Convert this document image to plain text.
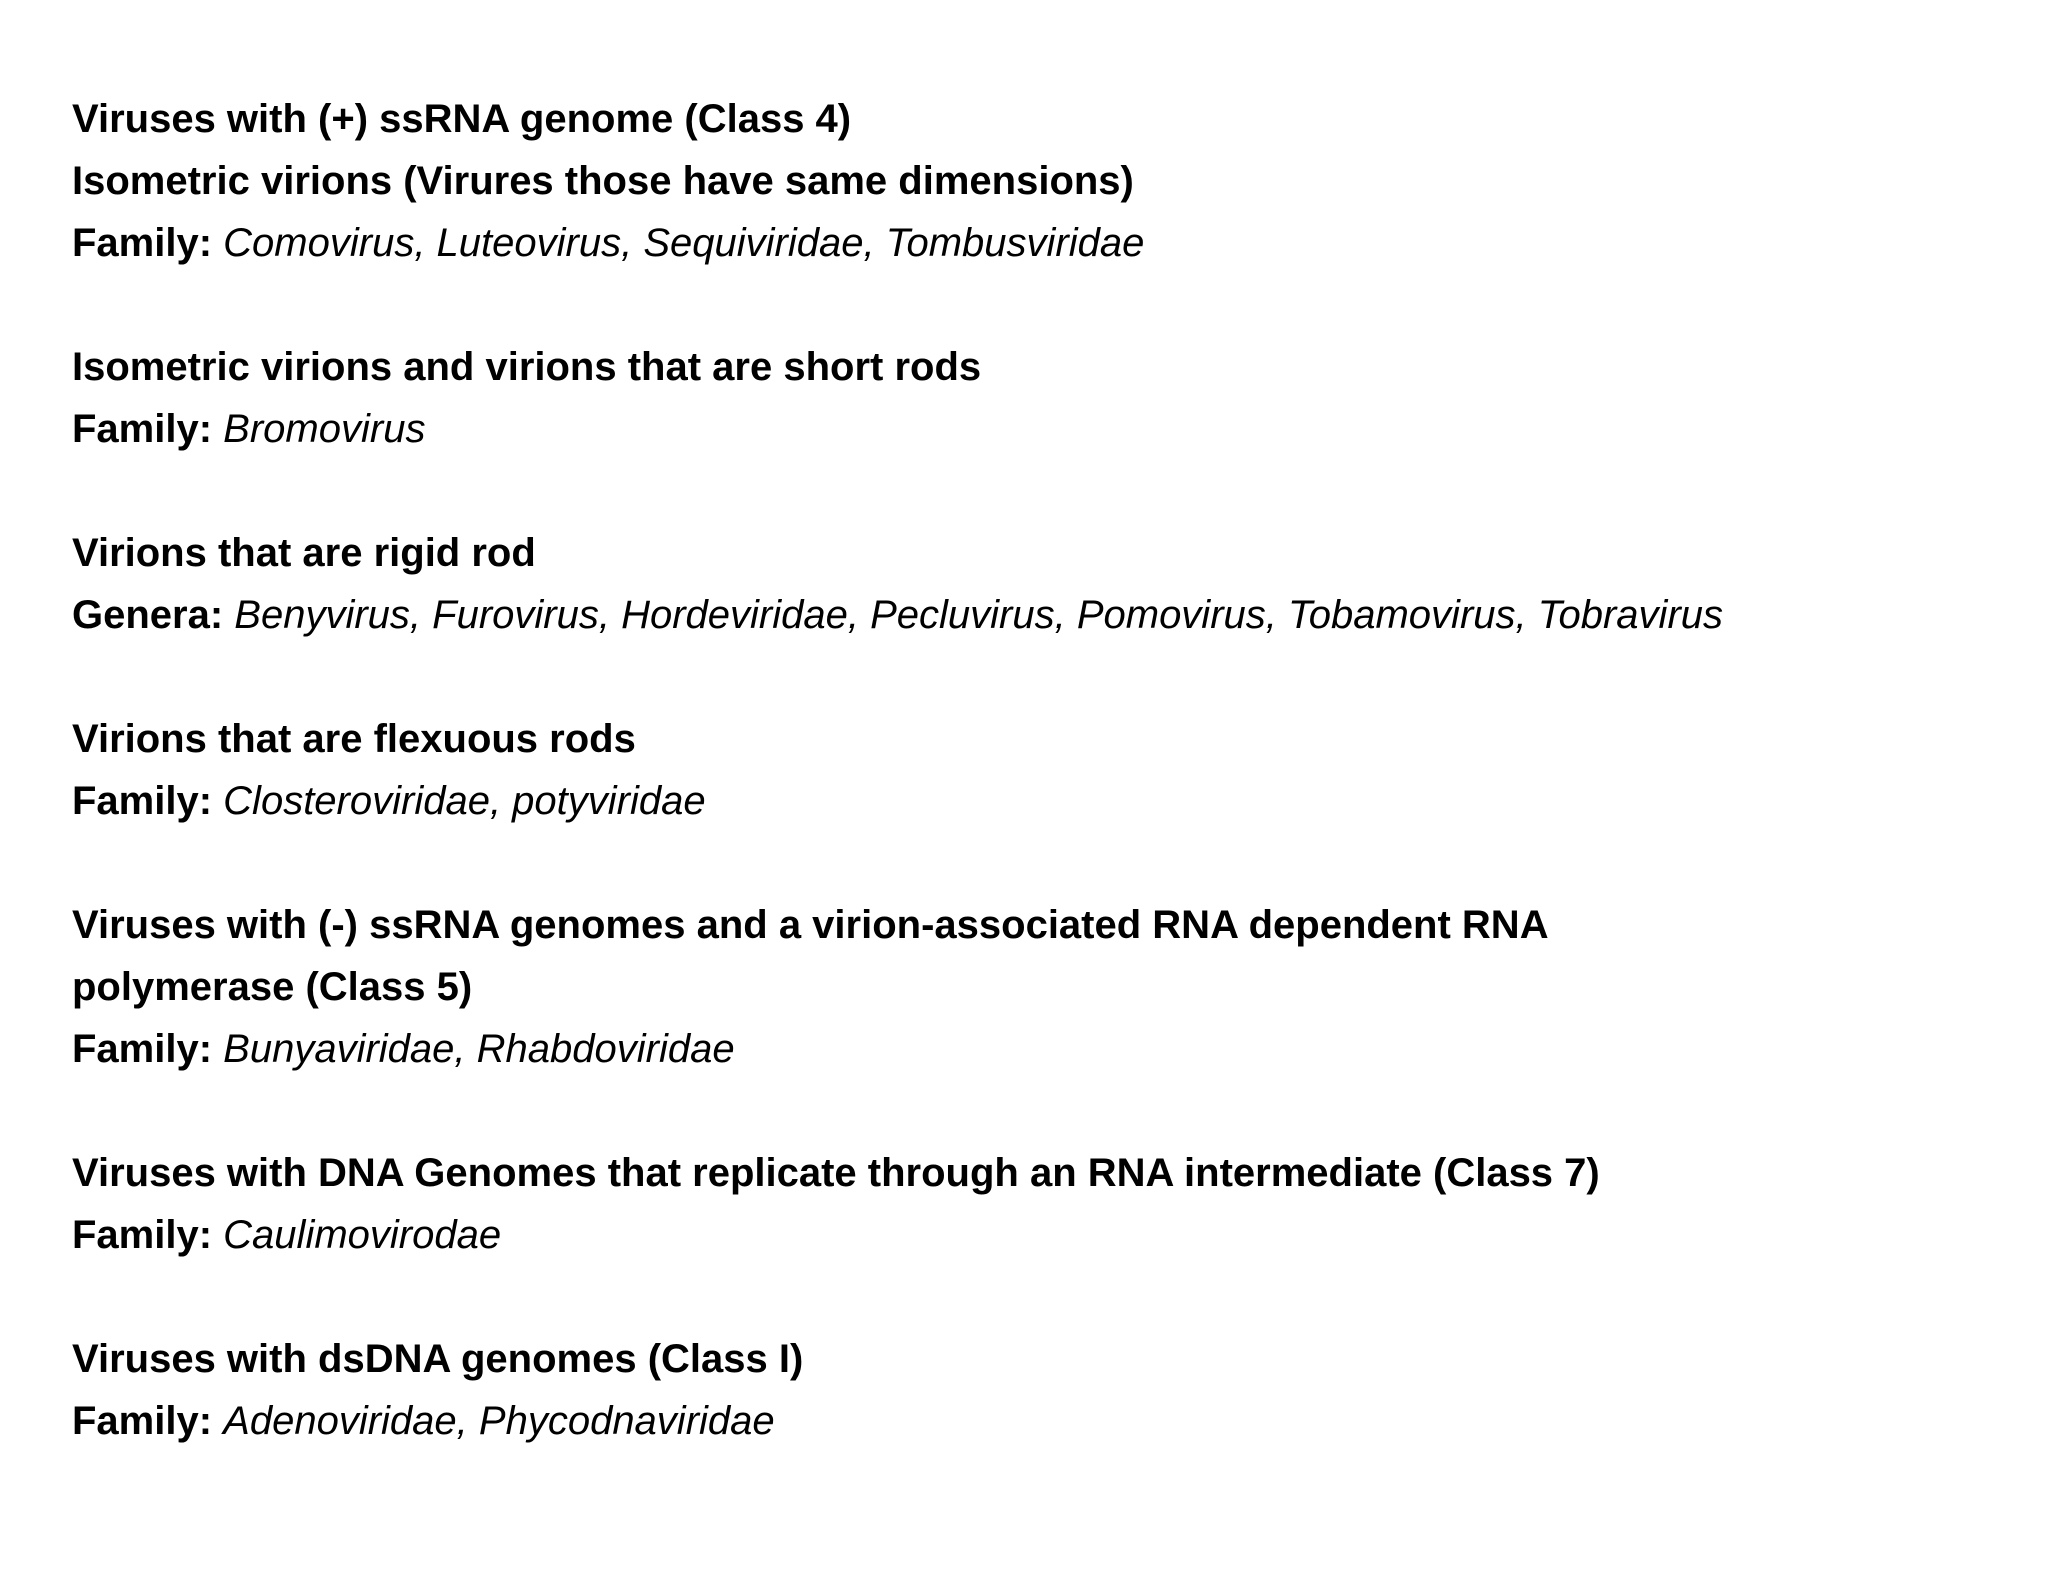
Viruses with (+) ssRNA genome (Class 4)
Isometric virions (Virures those have same dimensions)
Family: Comovirus, Luteovirus, Sequiviridae, Tombusviridae
Isometric virions and virions that are short rods
Family: Bromovirus
Virions that are rigid rod
Genera: Benyvirus, Furovirus, Hordeviridae, Pecluvirus, Pomovirus, Tobamovirus, Tobravirus
Virions that are flexuous rods
Family: Closteroviridae, potyviridae
Viruses with (-) ssRNA genomes and a virion-associated RNA dependent RNA polymerase (Class 5)
Family: Bunyaviridae, Rhabdoviridae
Viruses with DNA Genomes that replicate through an RNA intermediate (Class 7)
Family: Caulimovirodae
Viruses with dsDNA genomes (Class I)
Family: Adenoviridae, Phycodnaviridae
